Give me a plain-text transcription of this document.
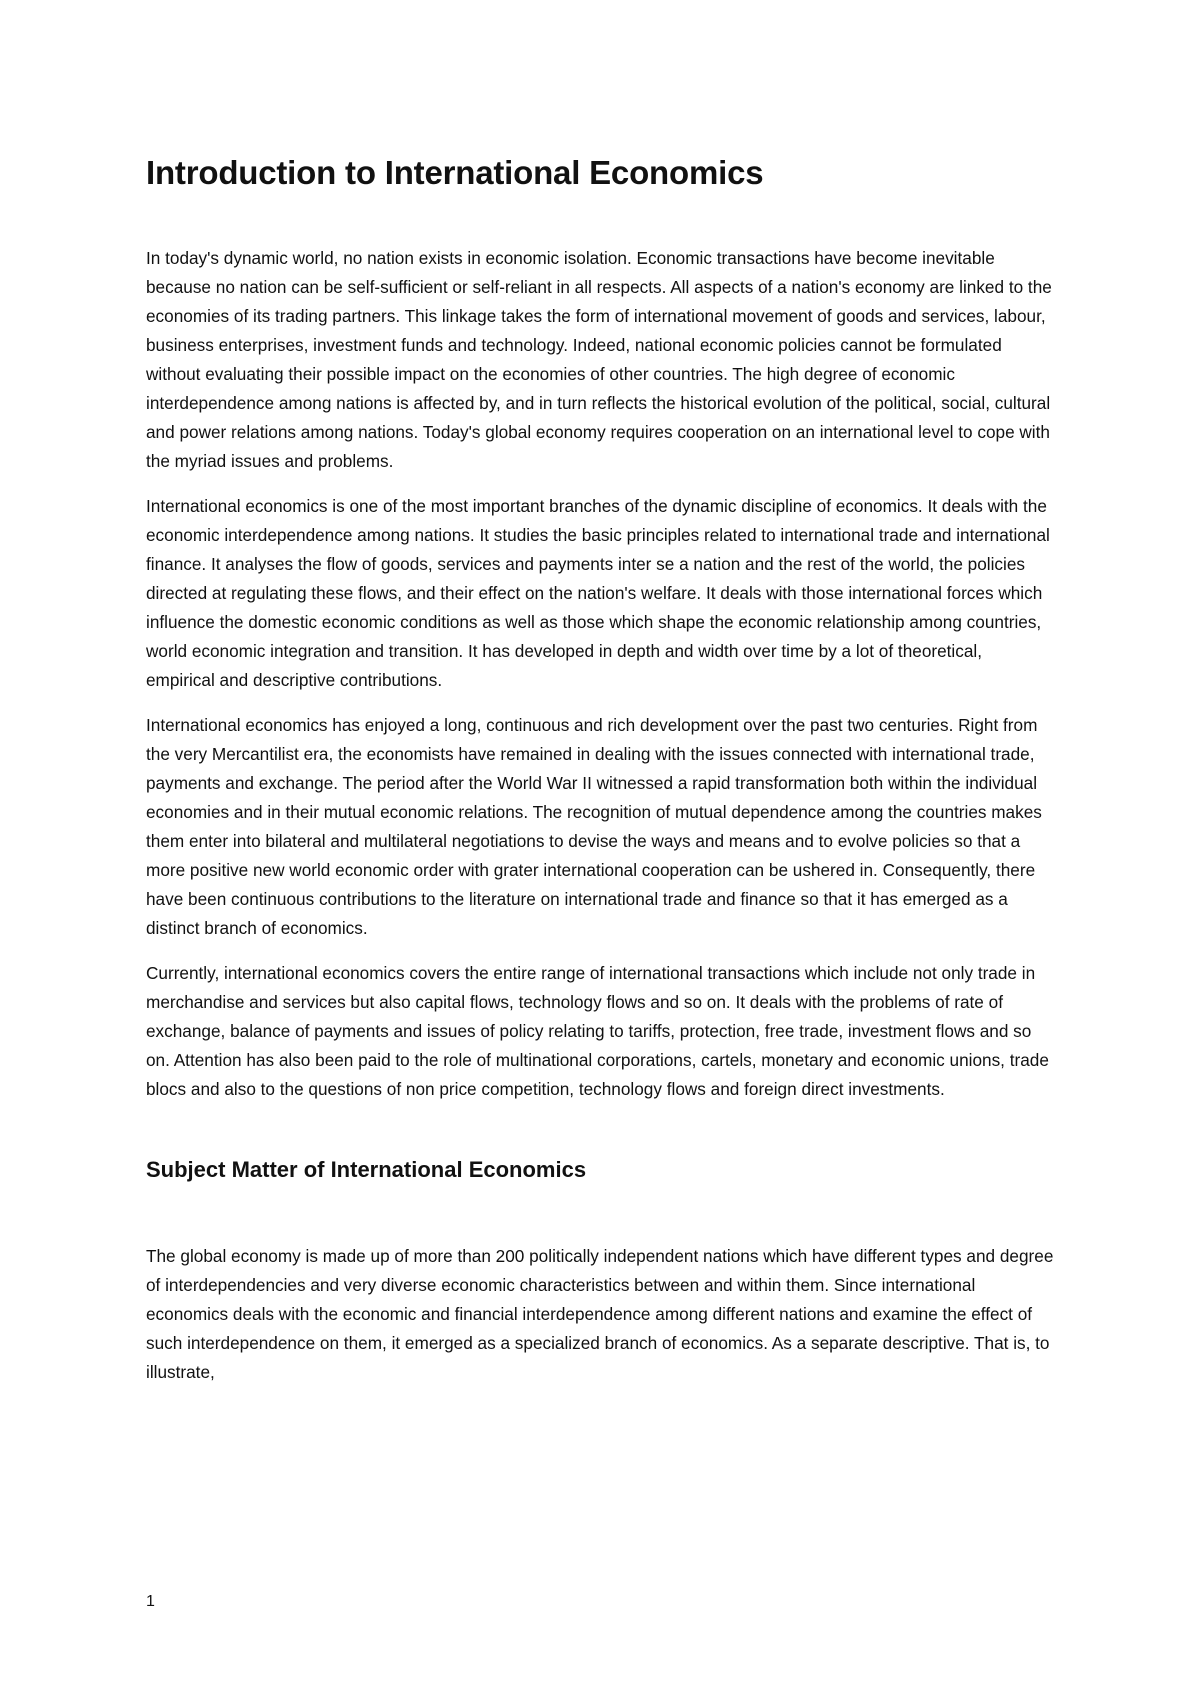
Introduction to International Economics

In today's dynamic world, no nation exists in economic isolation. Economic transactions have become inevitable because no nation can be self-sufficient or self-reliant in all respects. All aspects of a nation's economy are linked to the economies of its trading partners. This linkage takes the form of international movement of goods and services, labour, business enterprises, investment funds and technology. Indeed, national economic policies cannot be formulated without evaluating their possible impact on the economies of other countries. The high degree of economic interdependence among nations is affected by, and in turn reflects the historical evolution of the political, social, cultural and power relations among nations. Today's global economy requires cooperation on an international level to cope with the myriad issues and problems.

International economics is one of the most important branches of the dynamic discipline of economics. It deals with the economic interdependence among nations. It studies the basic principles related to international trade and international finance. It analyses the flow of goods, services and payments inter se a nation and the rest of the world, the policies directed at regulating these flows, and their effect on the nation's welfare. It deals with those international forces which influence the domestic economic conditions as well as those which shape the economic relationship among countries, world economic integration and transition. It has developed in depth and width over time by a lot of theoretical, empirical and descriptive contributions.

International economics has enjoyed a long, continuous and rich development over the past two centuries. Right from the very Mercantilist era, the economists have remained in dealing with the issues connected with international trade, payments and exchange. The period after the World War II witnessed a rapid transformation both within the individual economies and in their mutual economic relations. The recognition of mutual dependence among the countries makes them enter into bilateral and multilateral negotiations to devise the ways and means and to evolve policies so that a more positive new world economic order with grater international cooperation can be ushered in. Consequently, there have been continuous contributions to the literature on international trade and finance so that it has emerged as a distinct branch of economics.

Currently, international economics covers the entire range of international transactions which include not only trade in merchandise and services but also capital flows, technology flows and so on. It deals with the problems of rate of exchange, balance of payments and issues of policy relating to tariffs, protection, free trade, investment flows and so on. Attention has also been paid to the role of multinational corporations, cartels, monetary and economic unions, trade blocs and also to the questions of non price competition, technology flows and foreign direct investments.

Subject Matter of International Economics

The global economy is made up of more than 200 politically independent nations which have different types and degree of interdependencies and very diverse economic characteristics between and within them. Since international economics deals with the economic and financial interdependence among different nations and examine the effect of such interdependence on them, it emerged as a specialized branch of economics. As a separate descriptive. That is, to illustrate,

1
